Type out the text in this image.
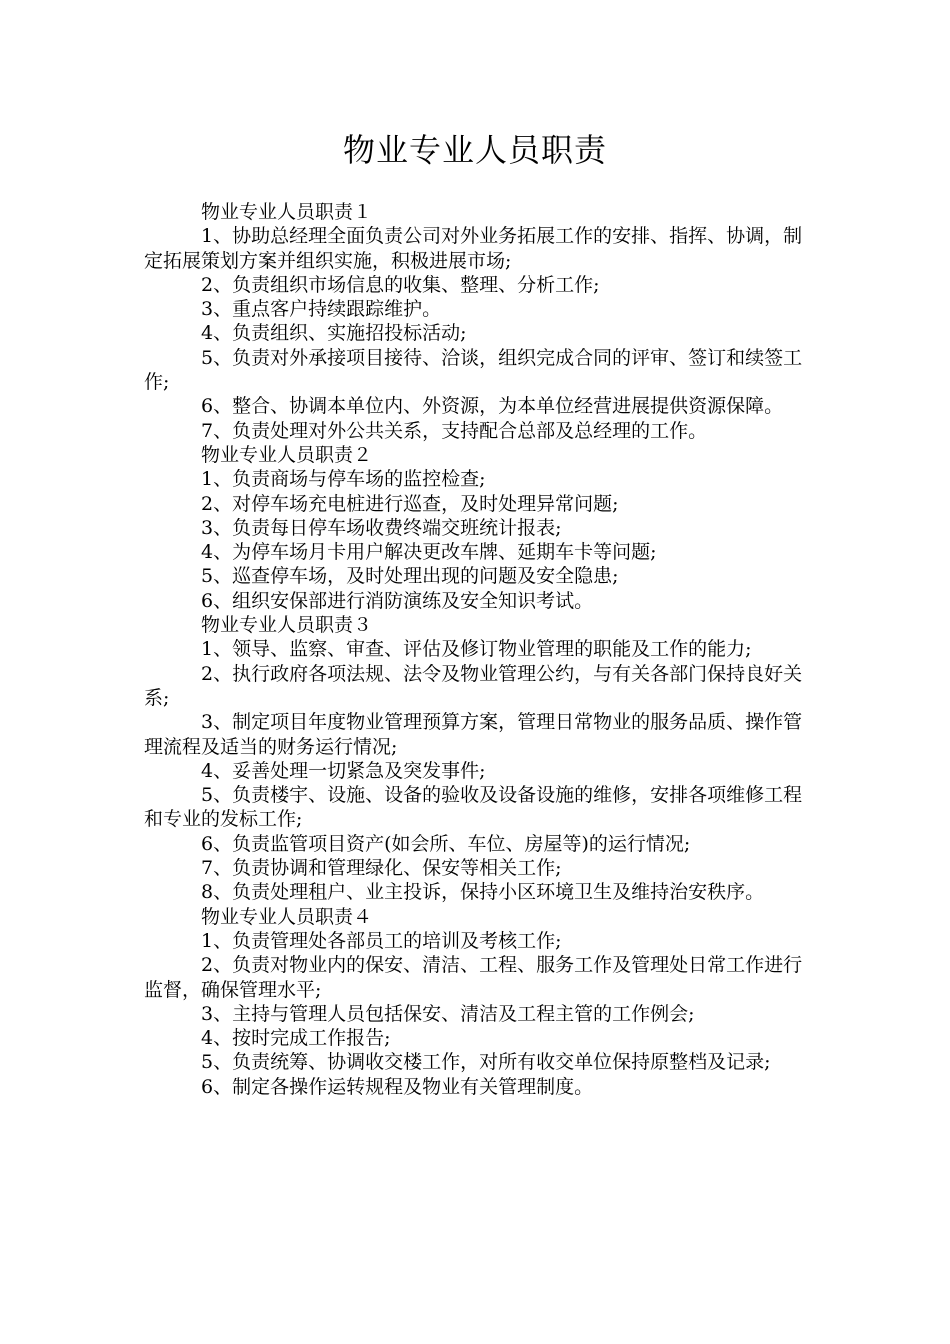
物业专业人员职责

物业专业人员职责１

1、协助总经理全面负责公司对外业务拓展工作的安排、指挥、协调，制定拓展策划方案并组织实施，积极进展市场;

2、负责组织市场信息的收集、整理、分析工作;

3、重点客户持续跟踪维护。

4、负责组织、实施招投标活动;

5、负责对外承接项目接待、洽谈，组织完成合同的评审、签订和续签工作;

6、整合、协调本单位内、外资源，为本单位经营进展提供资源保障。

7、负责处理对外公共关系，支持配合总部及总经理的工作。

物业专业人员职责２

1、负责商场与停车场的监控检查;

2、对停车场充电桩进行巡查，及时处理异常问题;

3、负责每日停车场收费终端交班统计报表;

4、为停车场月卡用户解决更改车牌、延期车卡等问题;

5、巡查停车场，及时处理出现的问题及安全隐患;

6、组织安保部进行消防演练及安全知识考试。

物业专业人员职责３

1、领导、监察、审查、评估及修订物业管理的职能及工作的能力;

2、执行政府各项法规、法令及物业管理公约，与有关各部门保持良好关系;

3、制定项目年度物业管理预算方案，管理日常物业的服务品质、操作管理流程及适当的财务运行情况;

4、妥善处理一切紧急及突发事件;

5、负责楼宇、设施、设备的验收及设备设施的维修，安排各项维修工程和专业的发标工作;

6、负责监管项目资产(如会所、车位、房屋等)的运行情况;

7、负责协调和管理绿化、保安等相关工作;

8、负责处理租户、业主投诉，保持小区环境卫生及维持治安秩序。

物业专业人员职责４

1、负责管理处各部员工的培训及考核工作;

2、负责对物业内的保安、清洁、工程、服务工作及管理处日常工作进行监督，确保管理水平;

3、主持与管理人员包括保安、清洁及工程主管的工作例会;

4、按时完成工作报告;

5、负责统筹、协调收交楼工作，对所有收交单位保持原整档及记录;

6、制定各操作运转规程及物业有关管理制度。
